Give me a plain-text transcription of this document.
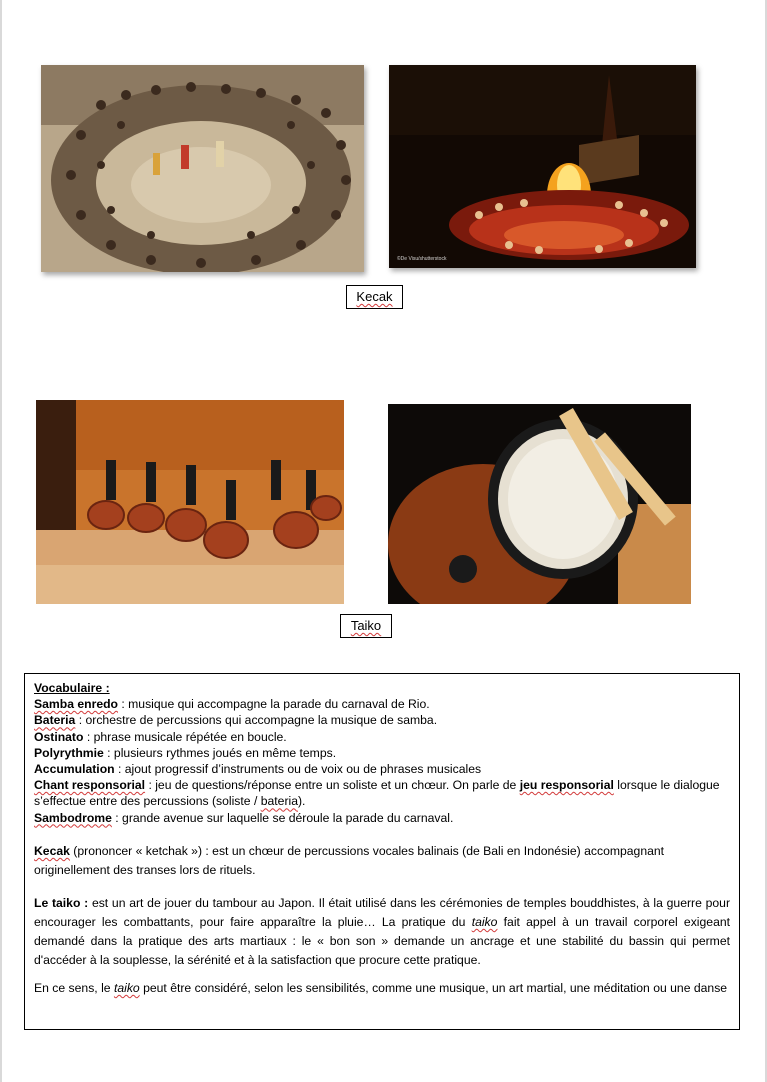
©De Visu/shutterstock
Kecak
Taiko

Vocabulaire :

Samba enredo : musique qui accompagne la parade du carnaval de Rio.

Bateria : orchestre de percussions qui accompagne la musique de samba.

Ostinato : phrase musicale répétée en boucle.

Polyrythmie : plusieurs rythmes joués en même temps.

Accumulation : ajout progressif d’instruments ou de voix ou de phrases musicales

Chant responsorial : jeu de questions/réponse entre un soliste et un chœur. On parle de jeu responsorial lorsque le dialogue s’effectue entre des percussions (soliste / bateria).

Sambodrome : grande avenue sur laquelle se déroule la parade du carnaval.

Kecak (prononcer « ketchak ») : est un chœur de percussions vocales balinais (de Bali en Indonésie) accompagnant originellement des transes lors de rituels.

Le taiko : est un art de jouer du tambour au Japon. Il était utilisé dans les cérémonies de temples bouddhistes, à la guerre pour encourager les combattants, pour faire apparaître la pluie… La pratique du taiko fait appel à un travail corporel exigeant demandé dans la pratique des arts martiaux : le « bon son » demande un ancrage et une stabilité du bassin qui permet d'accéder à la souplesse, la sérénité et à la satisfaction que procure cette pratique.

En ce sens, le taiko peut être considéré, selon les sensibilités, comme une musique, un art martial, une méditation ou une danse
